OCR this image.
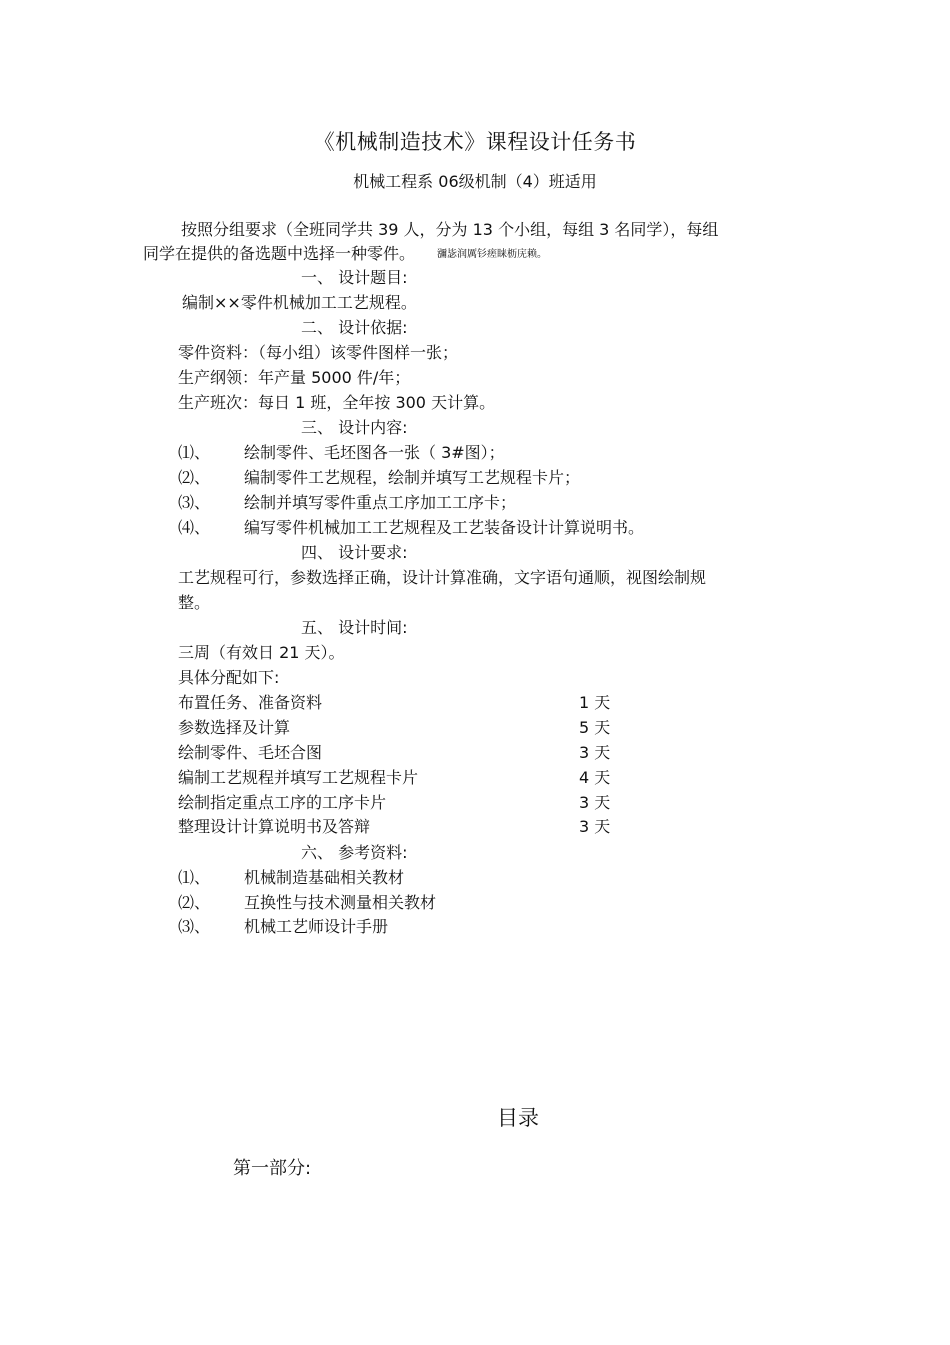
《机械制造技术》课程设计任务书
机械工程系 06级机制（4）班适用
按照分组要求（全班同学共 39 人，分为 13 个小组，每组 3 名同学），每组
同学在提供的备选题中选择一种零件。 瀰毖润厲钐瘥睐枥庑赖。
一、 设计题目:
编制××零件机械加工工艺规程。
二、 设计依据:
零件资料：（每小组）该零件图样一张；
生产纲领：年产量 5000 件/年；
生产班次：每日 1 班，全年按 300 天计算。
三、 设计内容:
⑴、 绘制零件、毛坯图各一张（ 3#图）；
⑵、 编制零件工艺规程，绘制并填写工艺规程卡片；
⑶、 绘制并填写零件重点工序加工工序卡；
⑷、 编写零件机械加工工艺规程及工艺装备设计计算说明书。
四、 设计要求:
工艺规程可行，参数选择正确，设计计算准确，文字语句通顺，视图绘制规
整。
五、 设计时间:
三周（有效日 21 天）。
具体分配如下:
布置任务、准备资料	1 天
参数选择及计算	5 天
绘制零件、毛坯合图	3 天
编制工艺规程并填写工艺规程卡片	4 天
绘制指定重点工序的工序卡片	3 天
整理设计计算说明书及答辩	3 天
六、 参考资料:
⑴、 机械制造基础相关教材
⑵、 互换性与技术测量相关教材
⑶、 机械工艺师设计手册
目录
第一部分:
